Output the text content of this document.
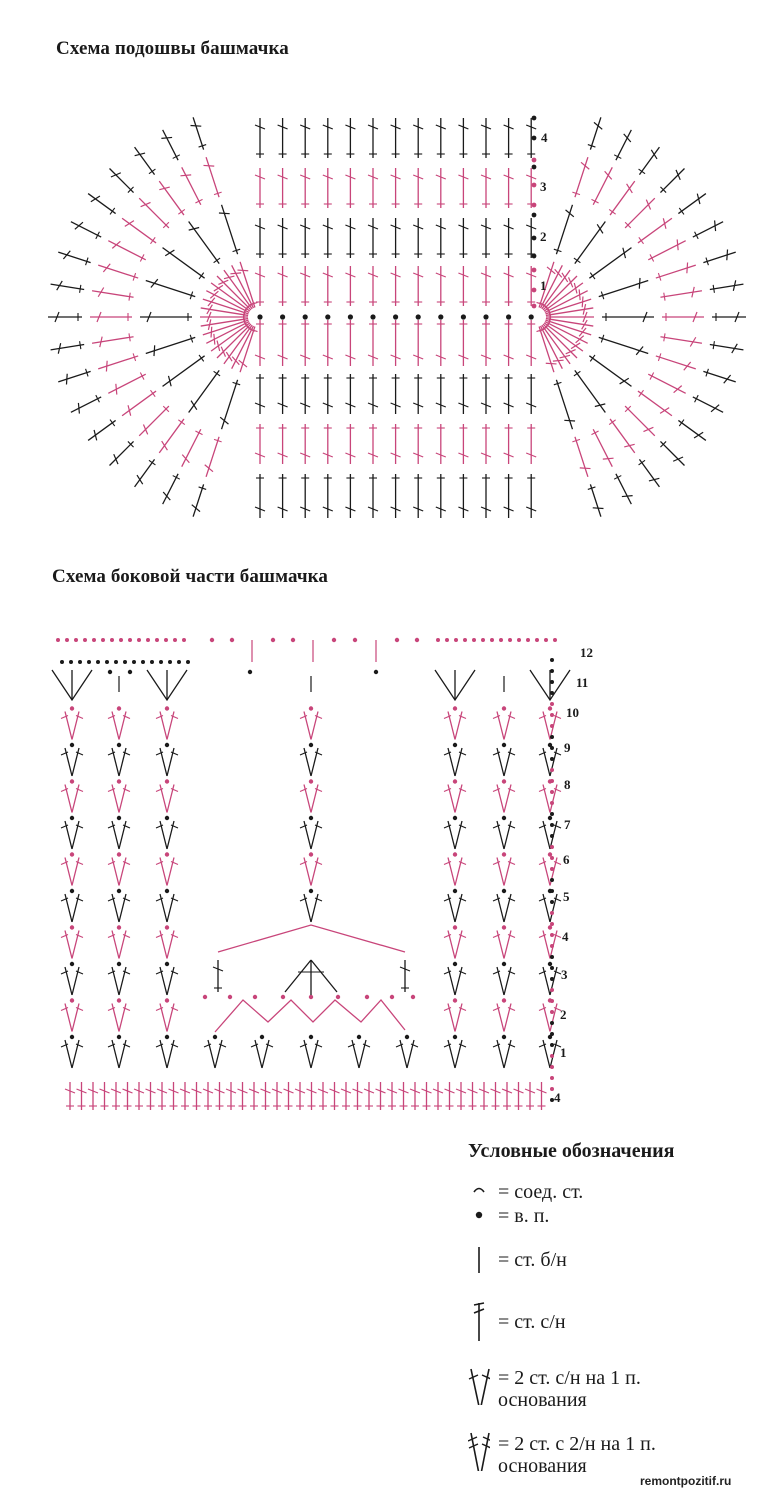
Схема подошвы башмачка
Схема боковой части башмачка
4
3
2
1
12
11
10
9
8
7
6
5
4
3
2
1
4
Условные обозначения
= соед. ст.
= в. п.
= ст. б/н
= ст. с/н
= 2 ст. с/н на 1 п.
основания
= 2 ст. с 2/н на 1 п.
основания
remontpozitif.ru
